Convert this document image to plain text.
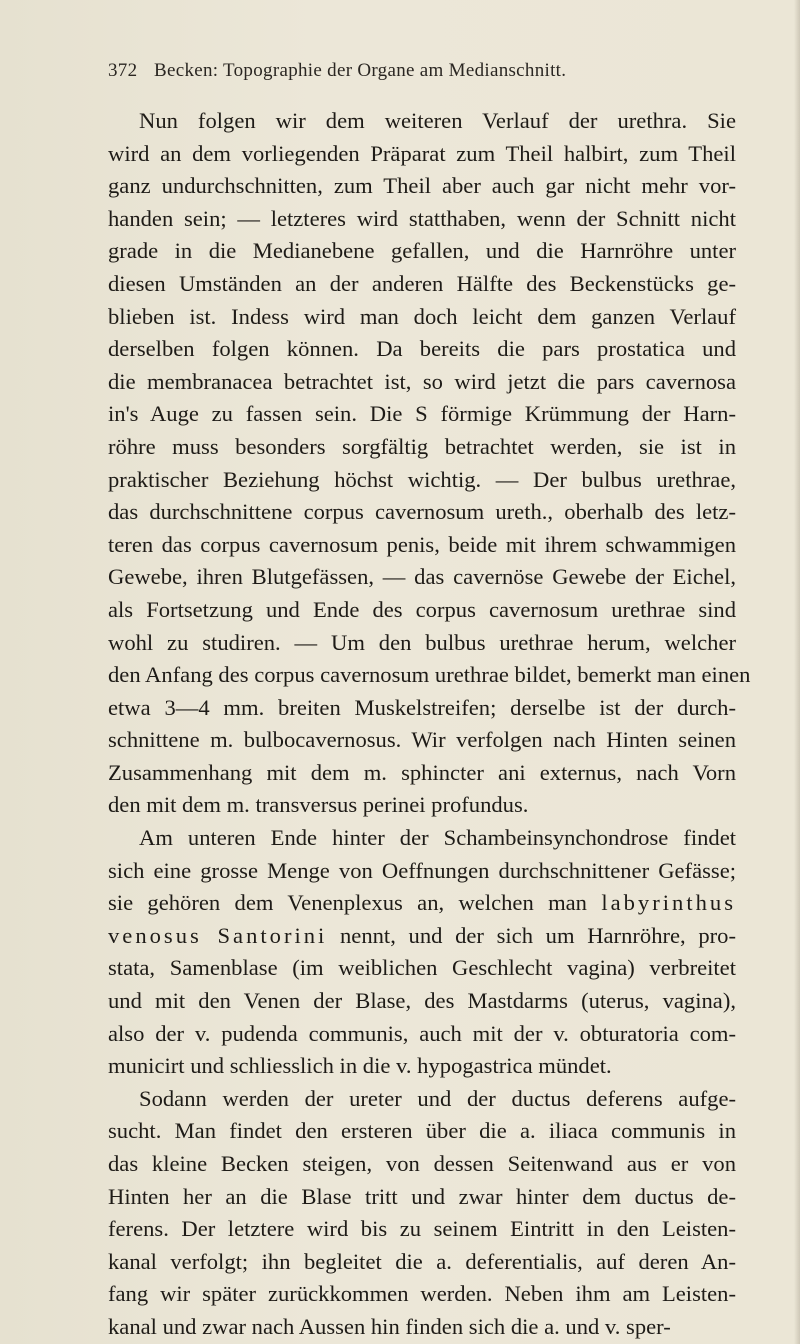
372 Becken: Topographie der Organe am Medianschnitt.
Nun folgen wir dem weiteren Verlauf der urethra. Sie
wird an dem vorliegenden Präparat zum Theil halbirt, zum Theil
ganz undurchschnitten, zum Theil aber auch gar nicht mehr vor-
handen sein; — letzteres wird statthaben, wenn der Schnitt nicht
grade in die Medianebene gefallen, und die Harnröhre unter
diesen Umständen an der anderen Hälfte des Beckenstücks ge-
blieben ist. Indess wird man doch leicht dem ganzen Verlauf
derselben folgen können. Da bereits die pars prostatica und
die membranacea betrachtet ist, so wird jetzt die pars cavernosa
in's Auge zu fassen sein. Die S förmige Krümmung der Harn-
röhre muss besonders sorgfältig betrachtet werden, sie ist in
praktischer Beziehung höchst wichtig. — Der bulbus urethrae,
das durchschnittene corpus cavernosum ureth., oberhalb des letz-
teren das corpus cavernosum penis, beide mit ihrem schwammigen
Gewebe, ihren Blutgefässen, — das cavernöse Gewebe der Eichel,
als Fortsetzung und Ende des corpus cavernosum urethrae sind
wohl zu studiren. — Um den bulbus urethrae herum, welcher
den Anfang des corpus cavernosum urethrae bildet, bemerkt man einen
etwa 3—4 mm. breiten Muskelstreifen; derselbe ist der durch-
schnittene m. bulbocavernosus. Wir verfolgen nach Hinten seinen
Zusammenhang mit dem m. sphincter ani externus, nach Vorn
den mit dem m. transversus perinei profundus.
Am unteren Ende hinter der Schambeinsynchondrose findet
sich eine grosse Menge von Oeffnungen durchschnittener Gefässe;
sie gehören dem Venenplexus an, welchen man labyrinthus
venosus Santorini nennt, und der sich um Harnröhre, pro-
stata, Samenblase (im weiblichen Geschlecht vagina) verbreitet
und mit den Venen der Blase, des Mastdarms (uterus, vagina),
also der v. pudenda communis, auch mit der v. obturatoria com-
municirt und schliesslich in die v. hypogastrica mündet.
Sodann werden der ureter und der ductus deferens aufge-
sucht. Man findet den ersteren über die a. iliaca communis in
das kleine Becken steigen, von dessen Seitenwand aus er von
Hinten her an die Blase tritt und zwar hinter dem ductus de-
ferens. Der letztere wird bis zu seinem Eintritt in den Leisten-
kanal verfolgt; ihn begleitet die a. deferentialis, auf deren An-
fang wir später zurückkommen werden. Neben ihm am Leisten-
kanal und zwar nach Aussen hin finden sich die a. und v. sper-
